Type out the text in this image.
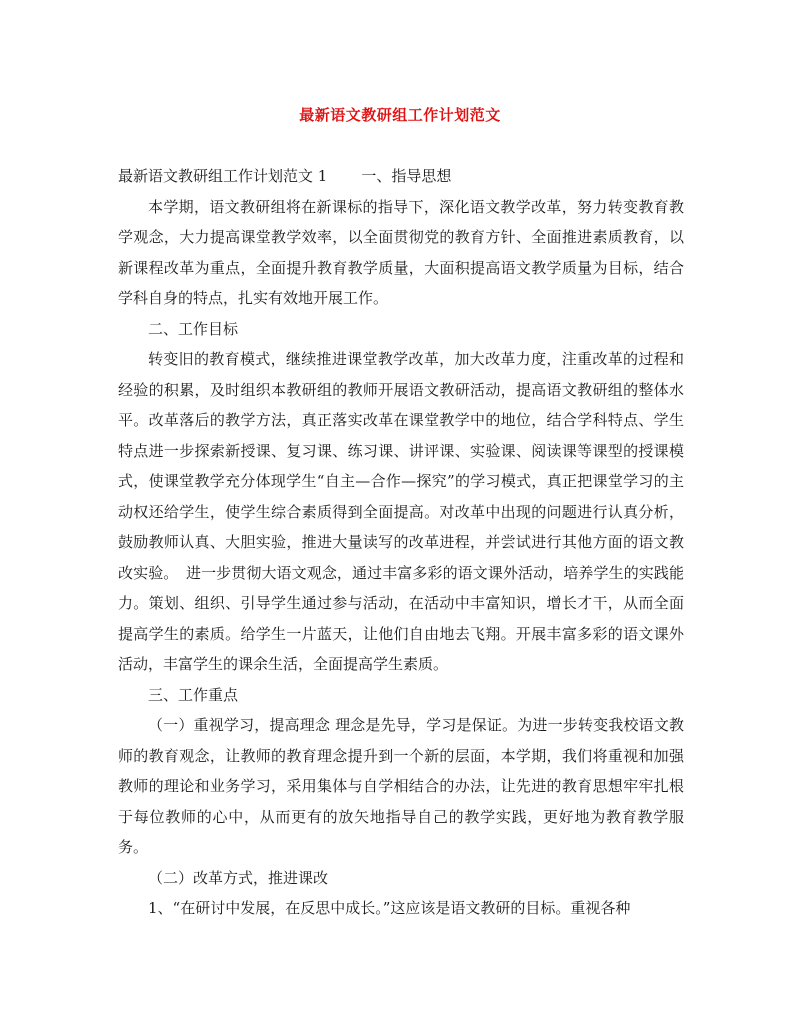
最新语文教研组工作计划范文

最新语文教研组工作计划范文 1 一、指导思想

本学期，语文教研组将在新课标的指导下，深化语文教学改革，努力转变教育教学观念，大力提高课堂教学效率，以全面贯彻党的教育方针、全面推进素质教育，以新课程改革为重点，全面提升教育教学质量，大面积提高语文教学质量为目标，结合学科自身的特点，扎实有效地开展工作。

二、工作目标

转变旧的教育模式，继续推进课堂教学改革，加大改革力度，注重改革的过程和经验的积累，及时组织本教研组的教师开展语文教研活动，提高语文教研组的整体水平。改革落后的教学方法，真正落实改革在课堂教学中的地位，结合学科特点、学生特点进一步探索新授课、复习课、练习课、讲评课、实验课、阅读课等课型的授课模式，使课堂教学充分体现学生“自主—合作—探究”的学习模式，真正把课堂学习的主动权还给学生，使学生综合素质得到全面提高。对改革中出现的问题进行认真分析，鼓励教师认真、大胆实验，推进大量读写的改革进程，并尝试进行其他方面的语文教改实验。　进一步贯彻大语文观念，通过丰富多彩的语文课外活动，培养学生的实践能力。策划、组织、引导学生通过参与活动，在活动中丰富知识，增长才干，从而全面提高学生的素质。给学生一片蓝天，让他们自由地去飞翔。开展丰富多彩的语文课外活动，丰富学生的课余生活，全面提高学生素质。

三、工作重点

（一）重视学习，提高理念 理念是先导，学习是保证。为进一步转变我校语文教师的教育观念，让教师的教育理念提升到一个新的层面，本学期，我们将重视和加强教师的理论和业务学习，采用集体与自学相结合的办法，让先进的教育思想牢牢扎根于每位教师的心中，从而更有的放矢地指导自己的教学实践，更好地为教育教学服务。

（二）改革方式，推进课改

1、“在研讨中发展，在反思中成长。”这应该是语文教研的目标。重视各种
